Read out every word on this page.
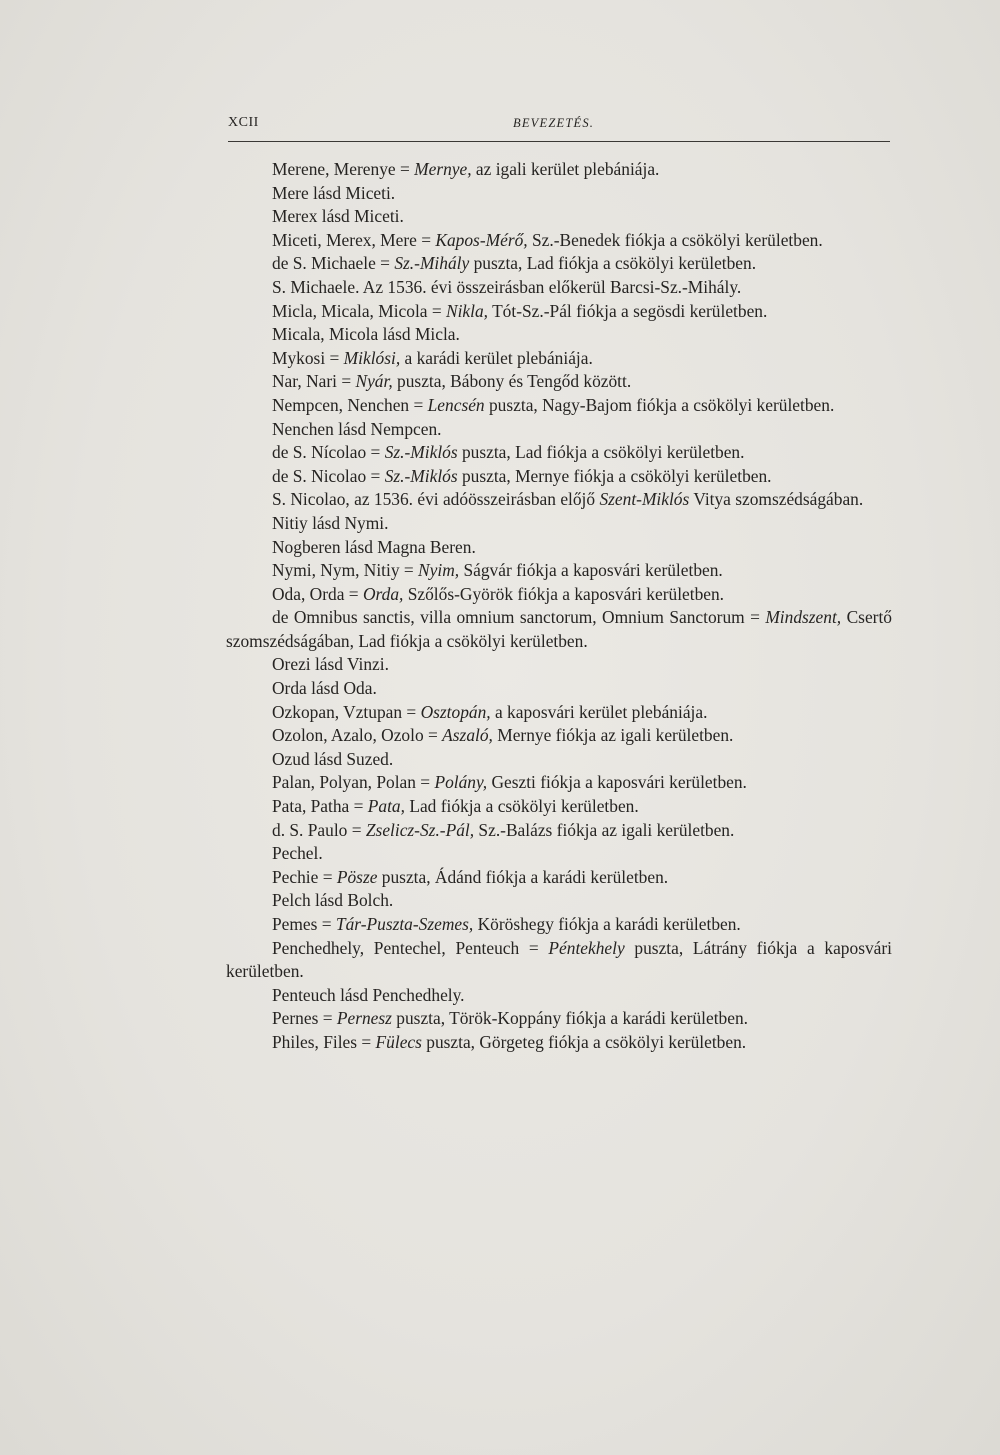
XCII	BEVEZETÉS.

Merene, Merenye = Mernye, az igali kerület plebániája.

Mere lásd Miceti.

Merex lásd Miceti.

Miceti, Merex, Mere = Kapos-Mérő, Sz.-Benedek fiókja a csökölyi kerületben.

de S. Michaele = Sz.-Mihály puszta, Lad fiókja a csökölyi kerületben.

S. Michaele. Az 1536. évi összeirásban előkerül Barcsi-Sz.-Mihály.

Micla, Micala, Micola = Nikla, Tót-Sz.-Pál fiókja a segösdi kerületben.

Micala, Micola lásd Micla.

Mykosi = Miklósi, a karádi kerület plebániája.

Nar, Nari = Nyár, puszta, Bábony és Tengőd között.

Nempcen, Nenchen = Lencsén puszta, Nagy-Bajom fiókja a csökölyi kerületben.

Nenchen lásd Nempcen.

de S. Nícolao = Sz.-Miklós puszta, Lad fiókja a csökölyi kerületben.

de S. Nicolao = Sz.-Miklós puszta, Mernye fiókja a csökölyi kerületben.

S. Nicolao, az 1536. évi adóösszeirásban előjő Szent-Miklós Vitya szomszédságában.

Nitiy lásd Nymi.

Nogberen lásd Magna Beren.

Nymi, Nym, Nitiy = Nyim, Ságvár fiókja a kaposvári kerületben.

Oda, Orda = Orda, Szőlős-Györök fiókja a kaposvári kerületben.

de Omnibus sanctis, villa omnium sanctorum, Omnium Sanctorum = Mindszent, Csertő szomszédságában, Lad fiókja a csökölyi kerületben.

Orezi lásd Vinzi.

Orda lásd Oda.

Ozkopan, Vztupan = Osztopán, a kaposvári kerület plebániája.

Ozolon, Azalo, Ozolo = Aszaló, Mernye fiókja az igali kerületben.

Ozud lásd Suzed.

Palan, Polyan, Polan = Polány, Geszti fiókja a kaposvári kerületben.

Pata, Patha = Pata, Lad fiókja a csökölyi kerületben.

d. S. Paulo = Zselicz-Sz.-Pál, Sz.-Balázs fiókja az igali kerületben.

Pechel.

Pechie = Pösze puszta, Ádánd fiókja a karádi kerületben.

Pelch lásd Bolch.

Pemes = Tár-Puszta-Szemes, Köröshegy fiókja a karádi kerületben.

Penchedhely, Pentechel, Penteuch = Péntekhely puszta, Látrány fiókja a kaposvári kerületben.

Penteuch lásd Penchedhely.

Pernes = Pernesz puszta, Török-Koppány fiókja a karádi kerületben.

Philes, Files = Fülecs puszta, Görgeteg fiókja a csökölyi kerületben.
